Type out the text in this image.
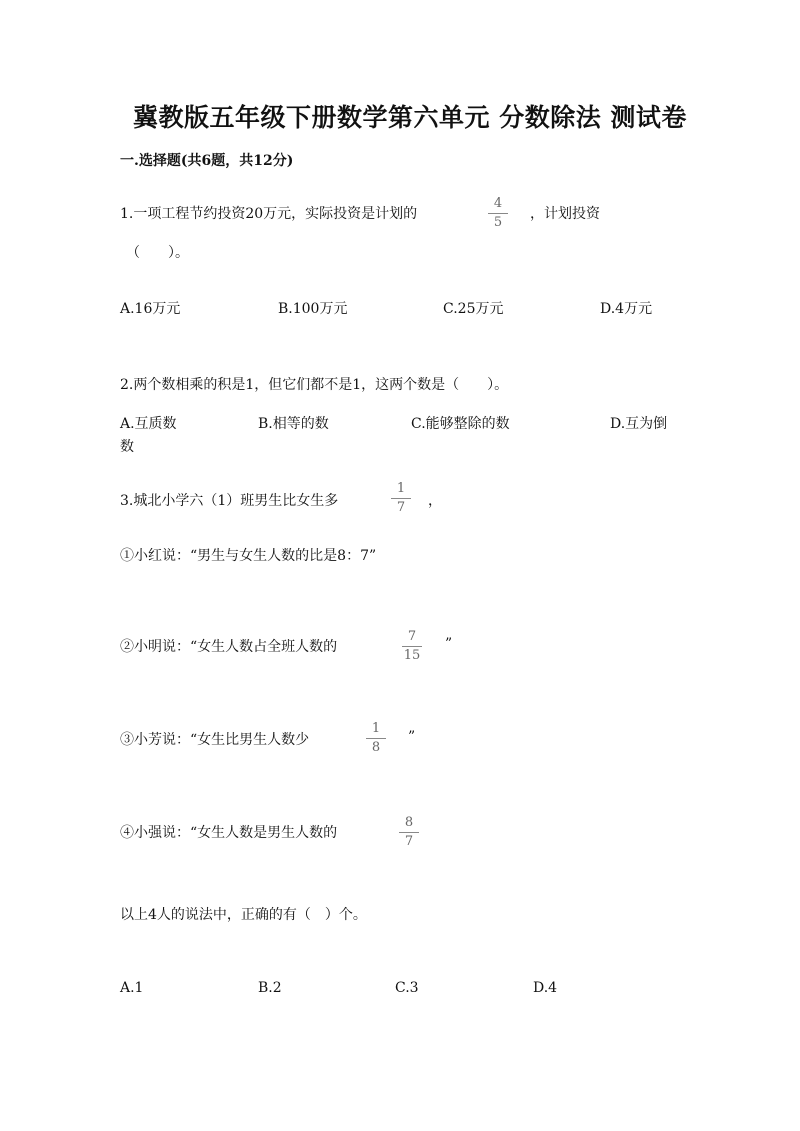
冀教版五年级下册数学第六单元 分数除法 测试卷
一.选择题(共6题，共12分)
1.一项工程节约投资20万元，实际投资是计划的
4
5
，计划投资
（　　）。
A.16万元	B.100万元	C.25万元	D.4万元
2.两个数相乘的积是1，但它们都不是1，这两个数是（　　）。
A.互质数	B.相等的数	C.能够整除的数	D.互为倒
数
3.城北小学六（1）班男生比女生多
1
7	，
①小红说：“男生与女生人数的比是8：7”
②小明说：“女生人数占全班人数的
7
15
”
③小芳说：“女生比男生人数少
1
8
”
④小强说：“女生人数是男生人数的
8
7
以上4人的说法中，正确的有（　）个。
A.1	B.2	C.3	D.4
